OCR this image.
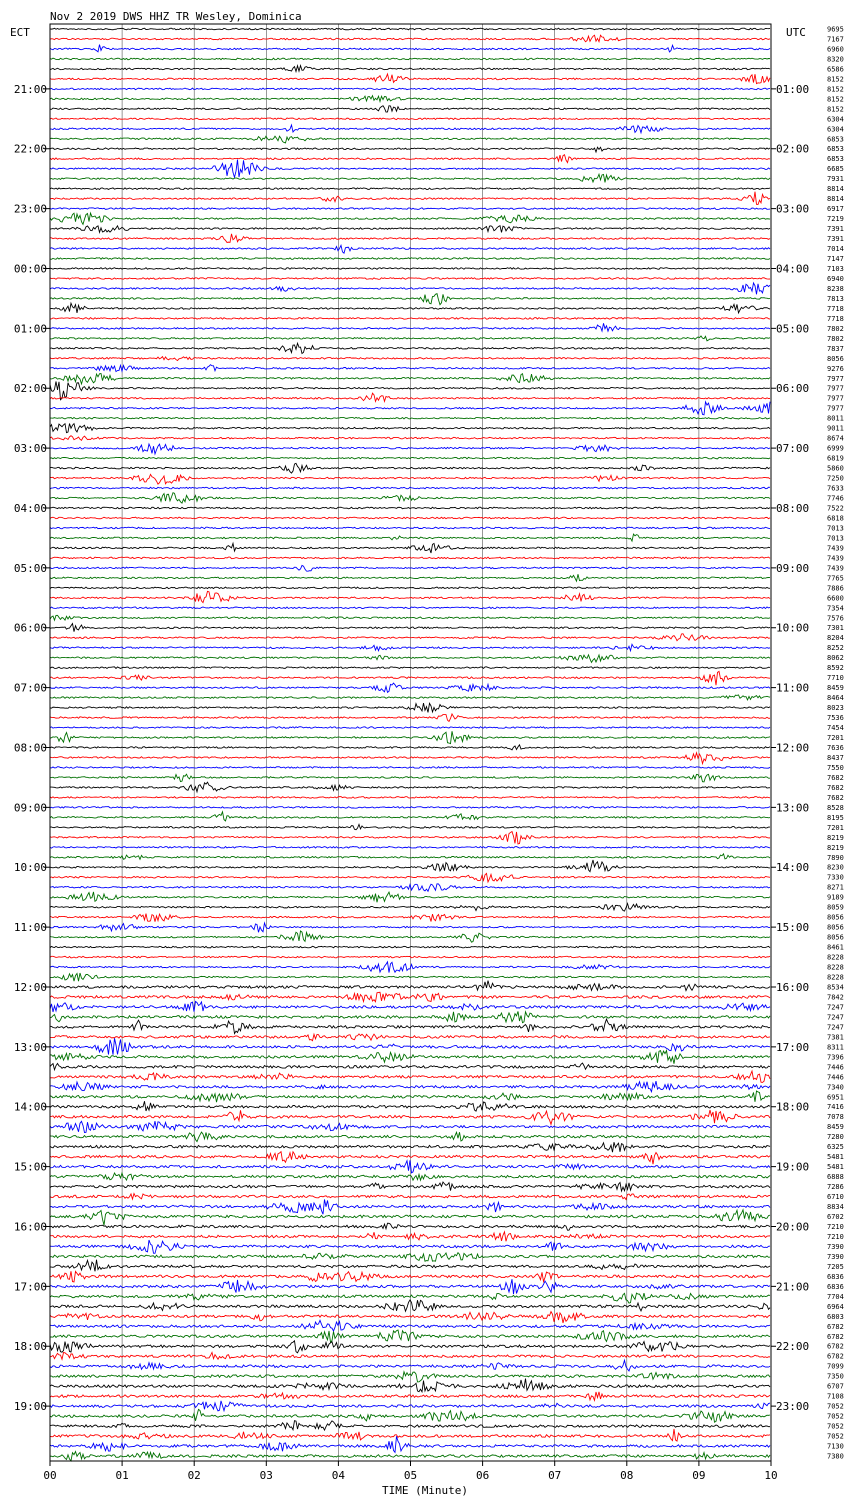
Nov 2 2019 DWS HHZ TR Wesley, Dominica
ECT	UTC
21:00
22:00
23:00
00:00
01:00
02:00
03:00
04:00
05:00
06:00
07:00
08:00
09:00
10:00
11:00
12:00
13:00
14:00
15:00
16:00
17:00
18:00
19:00
01:00
02:00
03:00
04:00
05:00
06:00
07:00
08:00
09:00
10:00
11:00
12:00
13:00
14:00
15:00
16:00
17:00
18:00
19:00
20:00
21:00
22:00
23:00
9695
7167
6960
8320
6586
8152
8152
8152
8152
6304
6304
6853
6853
6853
6685
7931
8814
8814
6917
7219
7391
7391
7014
7147
7103
6940
8238
7813
7718
7718
7802
7802
7837
8056
9276
7977
7977
7977
7977
8011
9011
8674
6999
6819
5860
7250
7633
7746
7522
6818
7013
7013
7439
7439
7439
7765
7886
6600
7354
7576
7301
8204
8252
8062
8592
7710
8459
8464
8023
7536
7454
7201
7636
8437
7550
7682
7682
7682
8528
8195
7201
8219
8219
7890
8230
7330
8271
9189
8059
8056
8056
8056
8461
8228
8228
8228
8534
7842
7247
7247
7247
7381
8311
7396
7446
7446
7340
6951
7416
7078
8459
7280
6325
5481
5481
6888
7286
6710
8834
6702
7210
7210
7390
7390
7205
6836
6836
7704
6964
6803
6782
6782
6782
6782
7099
7350
6707
7108
7052
7052
7052
7052
7130
7380
00	01	02	03	04	05	06	07	08	09	10
TIME (Minute)
